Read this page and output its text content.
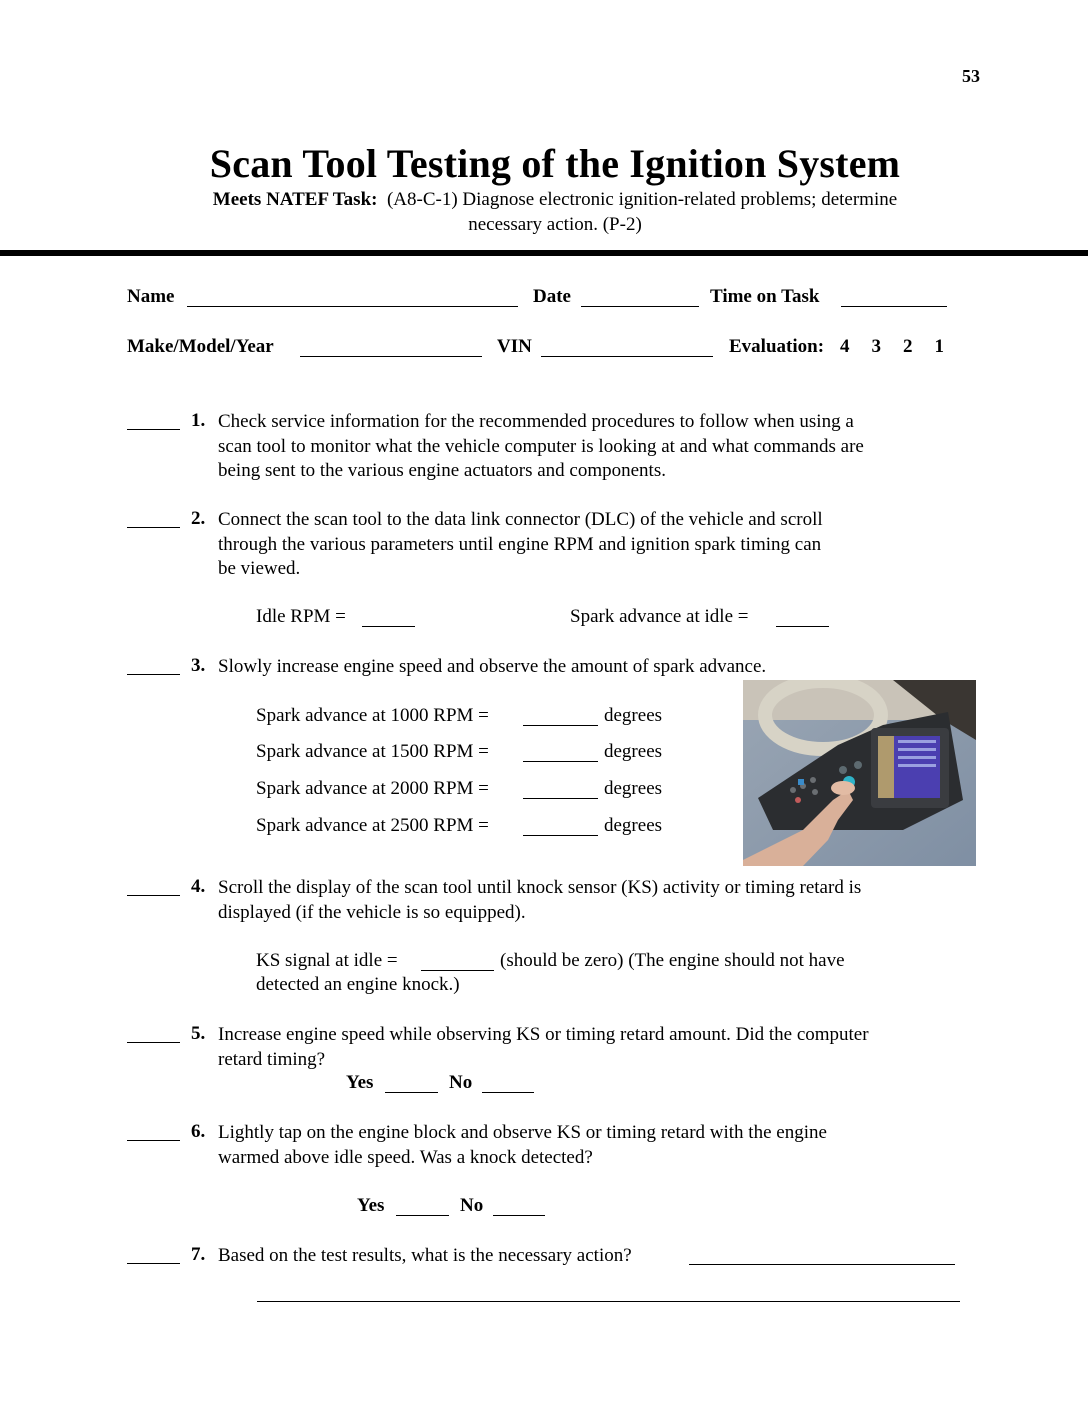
53
Scan Tool Testing of the Ignition System
Meets NATEF Task: (A8-C-1) Diagnose electronic ignition-related problems; determine
necessary action. (P-2)
Name	Date	Time on Task
Make/Model/Year	VIN	Evaluation: 4 3 2 1
1. Check service information for the recommended procedures to follow when using a
scan tool to monitor what the vehicle computer is looking at and what commands are
being sent to the various engine actuators and components.
2. Connect the scan tool to the data link connector (DLC) of the vehicle and scroll
through the various parameters until engine RPM and ignition spark timing can
be viewed.
Idle RPM =	Spark advance at idle =
3. Slowly increase engine speed and observe the amount of spark advance.
Spark advance at 1000 RPM =	degrees
Spark advance at 1500 RPM =	degrees
Spark advance at 2000 RPM =	degrees
Spark advance at 2500 RPM =	degrees
4. Scroll the display of the scan tool until knock sensor (KS) activity or timing retard is
displayed (if the vehicle is so equipped).
KS signal at idle =	(should be zero) (The engine should not have
detected an engine knock.)
5. Increase engine speed while observing KS or timing retard amount. Did the computer
retard timing?
Yes	No
6. Lightly tap on the engine block and observe KS or timing retard with the engine
warmed above idle speed. Was a knock detected?
Yes	No
7. Based on the test results, what is the necessary action?
